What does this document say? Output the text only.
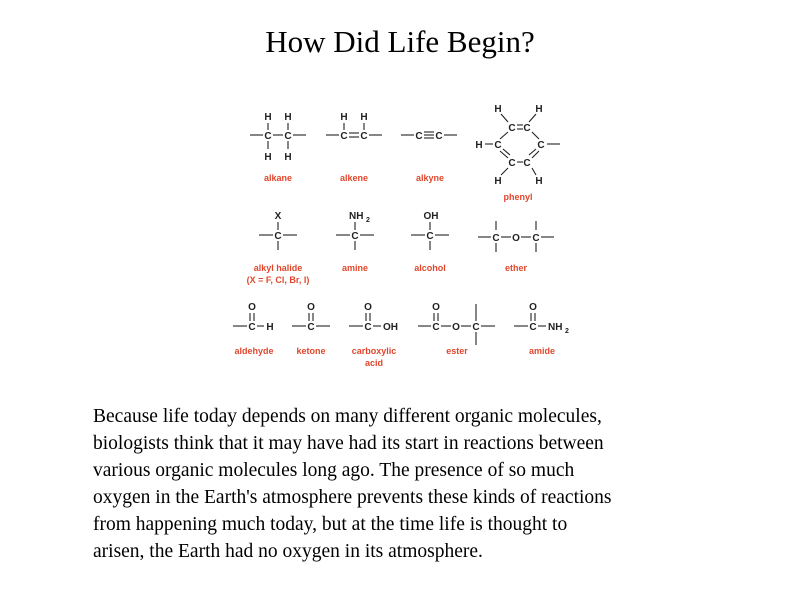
How Did Life Begin?
H H
C C
H H
alkane
H H
C C
alkene
C C
alkyne
H	H
C C
H C	C
C C
H	H
phenyl
X
C
alkyl halide
(X = F, Cl, Br, I)
NH 2
C
amine
OH
C
alcohol
C O C
ether
O
C H
aldehyde
O
C
ketone
O
C OH
carboxylic
acid
O
C O C
ester
O
C NH 2
amide
Because life today depends on many different organic molecules,
biologists think that it may have had its start in reactions between
various organic molecules long ago. The presence of so much
oxygen in the Earth's atmosphere prevents these kinds of reactions
from happening much today, but at the time life is thought to
arisen, the Earth had no oxygen in its atmosphere.
